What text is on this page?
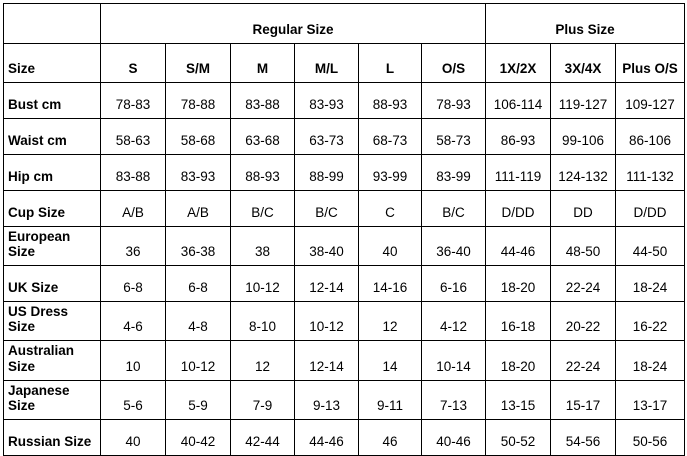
	Regular Size						Plus Size		
Size	S	S/M	M	M/L	L	O/S	1X/2X	3X/4X	Plus O/S
Bust cm	78-83	78-88	83-88	83-93	88-93	78-93	106-114	119-127	109-127
Waist cm	58-63	58-68	63-68	63-73	68-73	58-73	86-93	99-106	86-106
Hip cm	83-88	83-93	88-93	88-99	93-99	83-99	111-119	124-132	111-132
Cup Size	A/B	A/B	B/C	B/C	C	B/C	D/DD	DD	D/DD
European Size	36	36-38	38	38-40	40	36-40	44-46	48-50	44-50
UK Size	6-8	6-8	10-12	12-14	14-16	6-16	18-20	22-24	18-24
US Dress Size	4-6	4-8	8-10	10-12	12	4-12	16-18	20-22	16-22
Australian Size	10	10-12	12	12-14	14	10-14	18-20	22-24	18-24
Japanese Size	5-6	5-9	7-9	9-13	9-11	7-13	13-15	15-17	13-17
Russian Size	40	40-42	42-44	44-46	46	40-46	50-52	54-56	50-56
